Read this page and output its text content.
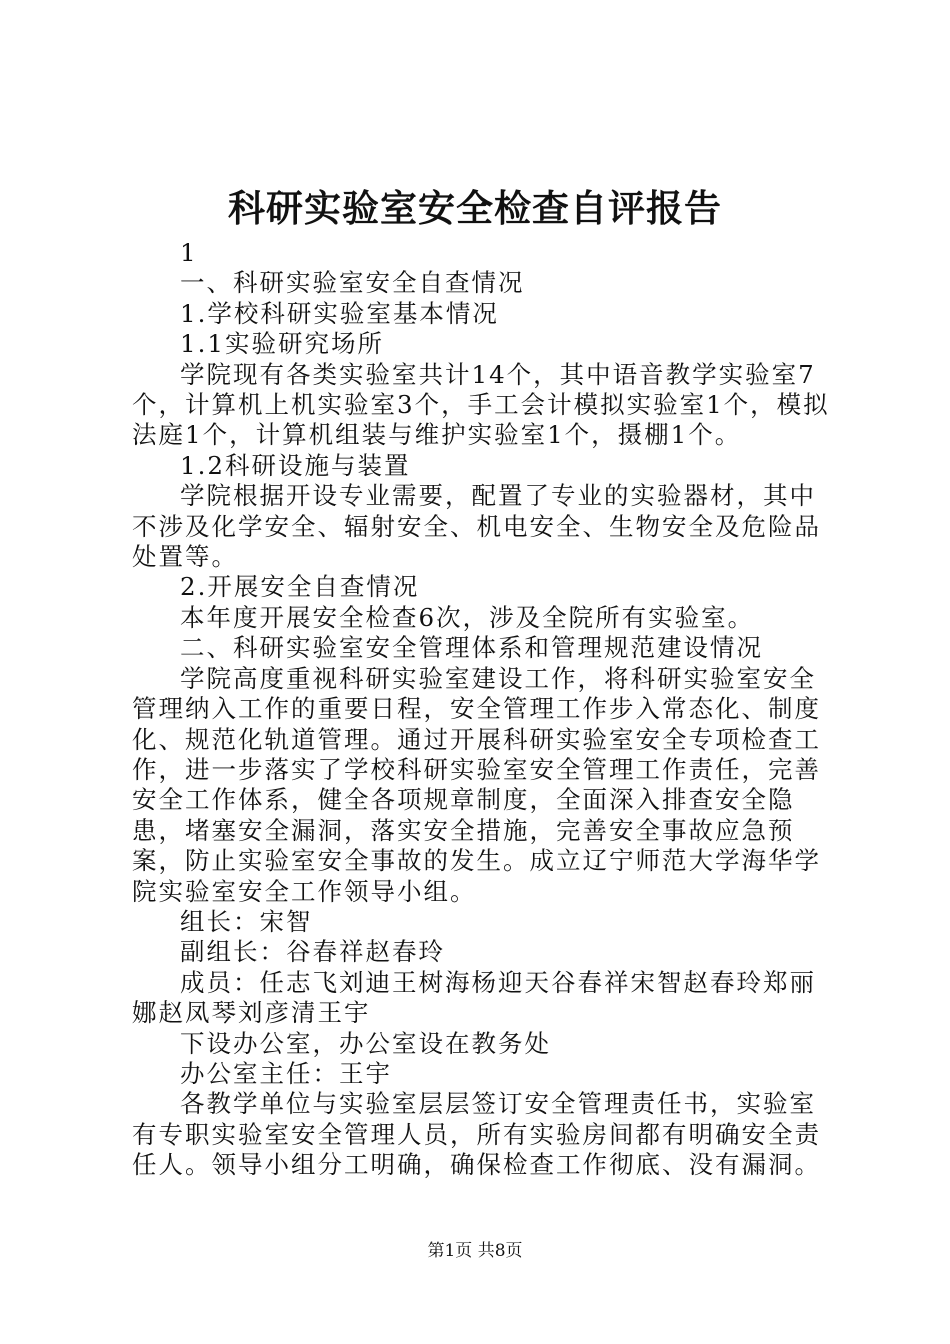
科研实验室安全检查自评报告

1

一、科研实验室安全自查情况

1.学校科研实验室基本情况

1.1实验研究场所

学院现有各类实验室共计14个，其中语音教学实验室7个，计算机上机实验室3个，手工会计模拟实验室1个，模拟法庭1个，计算机组装与维护实验室1个，摄棚1个。

1.2科研设施与装置

学院根据开设专业需要，配置了专业的实验器材，其中不涉及化学安全、辐射安全、机电安全、生物安全及危险品处置等。

2.开展安全自查情况

本年度开展安全检查6次，涉及全院所有实验室。

二、科研实验室安全管理体系和管理规范建设情况

学院高度重视科研实验室建设工作，将科研实验室安全管理纳入工作的重要日程，安全管理工作步入常态化、制度化、规范化轨道管理。通过开展科研实验室安全专项检查工作，进一步落实了学校科研实验室安全管理工作责任，完善安全工作体系，健全各项规章制度，全面深入排查安全隐患，堵塞安全漏洞，落实安全措施，完善安全事故应急预案，防止实验室安全事故的发生。成立辽宁师范大学海华学院实验室安全工作领导小组。

组长：宋智

副组长：谷春祥赵春玲

成员：任志飞刘迪王树海杨迎天谷春祥宋智赵春玲郑丽娜赵凤琴刘彦清王宇

下设办公室，办公室设在教务处

办公室主任：王宇

各教学单位与实验室层层签订安全管理责任书，实验室有专职实验室安全管理人员，所有实验房间都有明确安全责任人。领导小组分工明确，确保检查工作彻底、没有漏洞。

第1页 共8页
